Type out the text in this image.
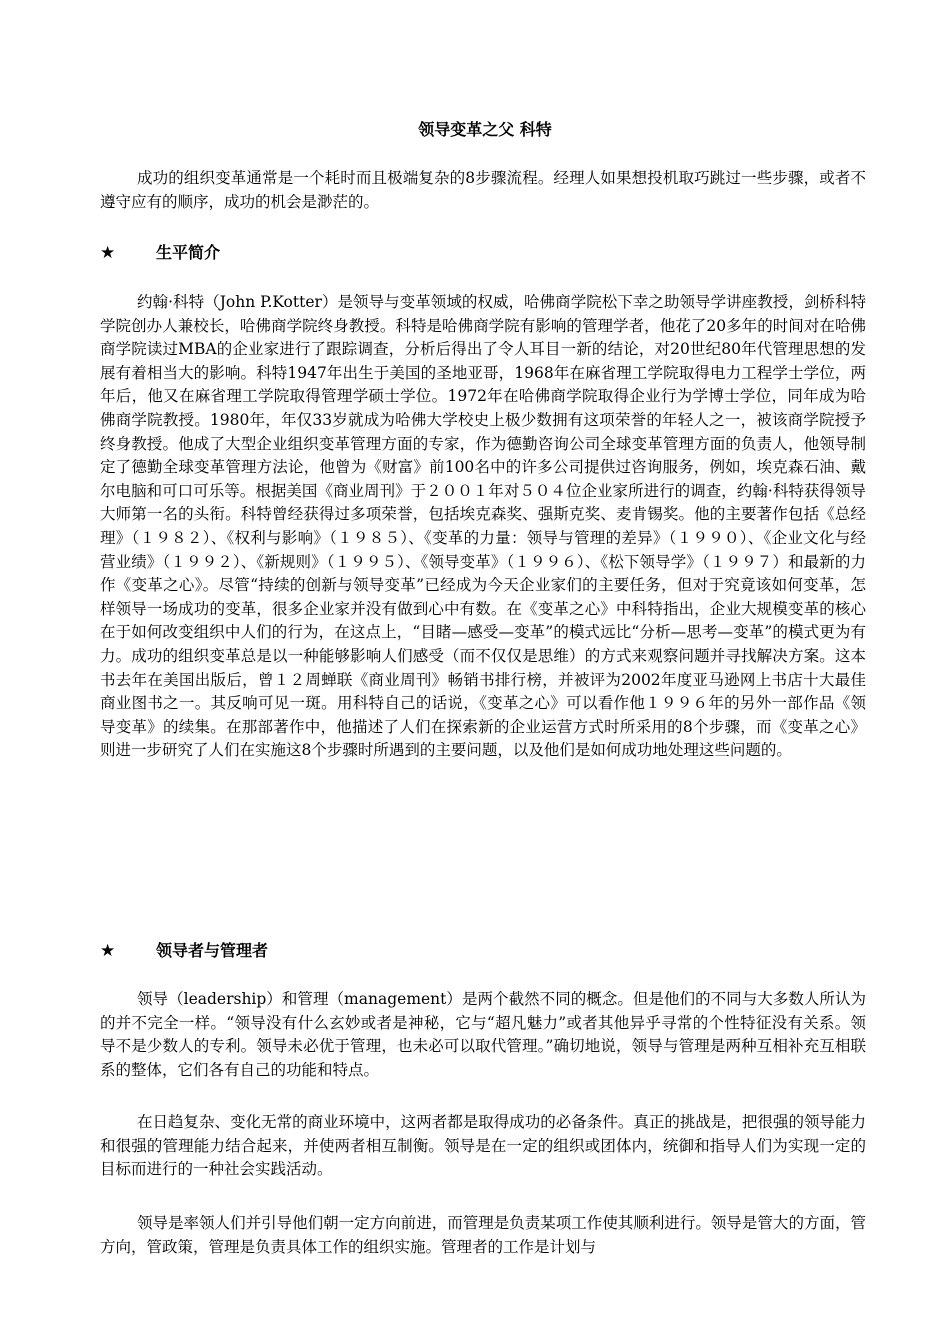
领导变革之父 科特

成功的组织变革通常是一个耗时而且极端复杂的8步骤流程。经理人如果想投机取巧跳过一些步骤，或者不遵守应有的顺序，成功的机会是渺茫的。

★	生平简介

约翰·科特（John P.Kotter）是领导与变革领域的权威，哈佛商学院松下幸之助领导学讲座教授，剑桥科特学院创办人兼校长，哈佛商学院终身教授。科特是哈佛商学院有影响的管理学者，他花了20多年的时间对在哈佛商学院读过MBA的企业家进行了跟踪调查，分析后得出了令人耳目一新的结论，对20世纪80年代管理思想的发展有着相当大的影响。科特1947年出生于美国的圣地亚哥，1968年在麻省理工学院取得电力工程学士学位，两年后，他又在麻省理工学院取得管理学硕士学位。1972年在哈佛商学院取得企业行为学博士学位，同年成为哈佛商学院教授。1980年，年仅33岁就成为哈佛大学校史上极少数拥有这项荣誉的年轻人之一，被该商学院授予终身教授。他成了大型企业组织变革管理方面的专家，作为德勤咨询公司全球变革管理方面的负责人，他领导制定了德勤全球变革管理方法论，他曾为《财富》前100名中的许多公司提供过咨询服务，例如，埃克森石油、戴尔电脑和可口可乐等。根据美国《商业周刊》于２００１年对５０４位企业家所进行的调查，约翰·科特获得领导大师第一名的头衔。科特曾经获得过多项荣誉，包括埃克森奖、强斯克奖、麦肯锡奖。他的主要著作包括《总经理》（１９８２）、《权利与影响》（１９８５）、《变革的力量：领导与管理的差异》（１９９０）、《企业文化与经营业绩》（１９９２）、《新规则》（１９９５）、《领导变革》（１９９６）、《松下领导学》（１９９７）和最新的力作《变革之心》。尽管“持续的创新与领导变革”已经成为今天企业家们的主要任务，但对于究竟该如何变革，怎样领导一场成功的变革，很多企业家并没有做到心中有数。在《变革之心》中科特指出，企业大规模变革的核心在于如何改变组织中人们的行为，在这点上，“目睹—感受—变革”的模式远比“分析—思考—变革”的模式更为有力。成功的组织变革总是以一种能够影响人们感受（而不仅仅是思维）的方式来观察问题并寻找解决方案。这本书去年在美国出版后，曾１２周蝉联《商业周刊》畅销书排行榜，并被评为2002年度亚马逊网上书店十大最佳商业图书之一。其反响可见一斑。用科特自己的话说，《变革之心》可以看作他１９９６年的另外一部作品《领导变革》的续集。在那部著作中，他描述了人们在探索新的企业运营方式时所采用的8个步骤，而《变革之心》则进一步研究了人们在实施这8个步骤时所遇到的主要问题，以及他们是如何成功地处理这些问题的。

★	领导者与管理者

领导（leadership）和管理（management）是两个截然不同的概念。但是他们的不同与大多数人所认为的并不完全一样。“领导没有什么玄妙或者是神秘，它与“超凡魅力”或者其他异乎寻常的个性特征没有关系。领导不是少数人的专利。领导未必优于管理，也未必可以取代管理。”确切地说，领导与管理是两种互相补充互相联系的整体，它们各有自己的功能和特点。

在日趋复杂、变化无常的商业环境中，这两者都是取得成功的必备条件。真正的挑战是，把很强的领导能力和很强的管理能力结合起来，并使两者相互制衡。领导是在一定的组织或团体内，统御和指导人们为实现一定的目标而进行的一种社会实践活动。

领导是率领人们并引导他们朝一定方向前进，而管理是负责某项工作使其顺利进行。领导是管大的方面，管方向，管政策，管理是负责具体工作的组织实施。管理者的工作是计划与
